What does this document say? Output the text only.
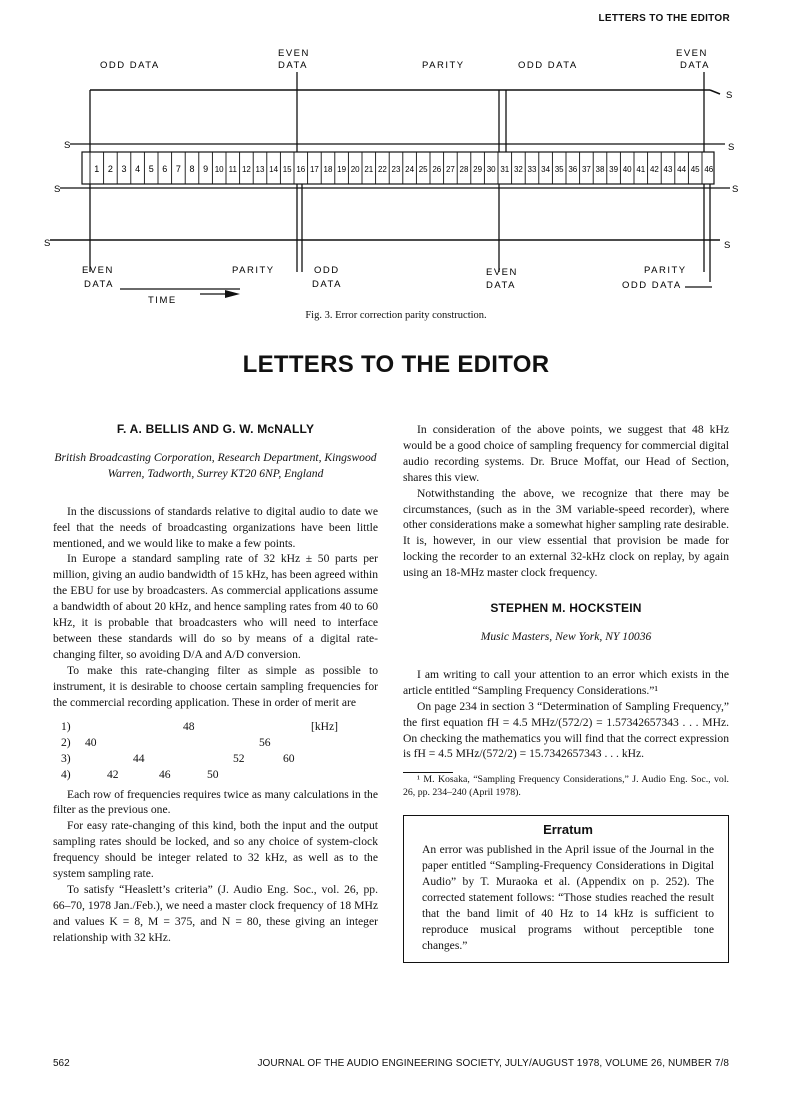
LETTERS TO THE EDITOR
1 2 3 4 5 6 7 8 9 10 11 12 13 14 15 16 17 18 19 20 21 22 23 24 25 26 27 28 29 30 31 32 33 34 35 36 37 38 39 40 41 42 43 44 45 46
S
S	S
S	S
S	S
ODD DATA
EVEN
DATA	PARITY	ODD DATA
EVEN
DATA
EVEN
DATA
PARITY	ODD
DATA
EVEN
DATA
PARITY
ODD DATA
TIME
Fig. 3. Error correction parity construction.
LETTERS TO THE EDITOR
F. A. BELLIS AND G. W. McNALLY
British Broadcasting Corporation, Research Department, Kingswood Warren, Tadworth, Surrey KT20 6NP, England

In the discussions of standards relative to digital audio to date we feel that the needs of broadcasting organizations have been little mentioned, and we would like to make a few points.

In Europe a standard sampling rate of 32 kHz ± 50 parts per million, giving an audio bandwidth of 15 kHz, has been agreed within the EBU for use by broadcasters. As commercial applications assume a bandwidth of about 20 kHz, and hence sampling rates from 40 to 60 kHz, it is probable that broadcasters who will need to interface between these standards will do so by means of a digital rate-changing filter, so avoiding D/A and A/D conversion.

To make this rate-changing filter as simple as possible to instrument, it is desirable to choose certain sampling frequencies for the commercial recording application. These in order of merit are

1)	48	[kHz]
2) 40	56
3)	44	52	60
4)	42	46	50

Each row of frequencies requires twice as many calculations in the filter as the previous one.

For easy rate-changing of this kind, both the input and the output sampling rates should be locked, and so any choice of system-clock frequency should be integer related to 32 kHz, as well as to the system sampling rate.

To satisfy “Heaslett’s criteria” (J. Audio Eng. Soc., vol. 26, pp. 66–70, 1978 Jan./Feb.), we need a master clock frequency of 18 MHz and values K = 8, M = 375, and N = 80, these giving an integer relationship with 32 kHz.

In consideration of the above points, we suggest that 48 kHz would be a good choice of sampling frequency for commercial digital audio recording systems. Dr. Bruce Moffat, our Head of Section, shares this view.

Notwithstanding the above, we recognize that there may be circumstances, (such as in the 3M variable-speed recorder), where other considerations make a somewhat higher sampling rate desirable. It is, however, in our view essential that provision be made for locking the recorder to an external 32-kHz clock on replay, by again using an 18-MHz master clock frequency.

STEPHEN M. HOCKSTEIN
Music Masters, New York, NY 10036

I am writing to call your attention to an error which exists in the article entitled “Sampling Frequency Considerations.”¹

On page 234 in section 3 “Determination of Sampling Frequency,” the first equation fH = 4.5 MHz/(572/2) = 1.57342657343 . . . MHz. On checking the mathematics you will find that the correct expression is fH = 4.5 MHz/(572/2) = 15.7342657343 . . . kHz.

¹ M. Kosaka, “Sampling Frequency Considerations,” J. Audio Eng. Soc., vol. 26, pp. 234–240 (April 1978).

Erratum

An error was published in the April issue of the Journal in the paper entitled “Sampling-Frequency Considerations in Digital Audio” by T. Muraoka et al. (Appendix on p. 252). The corrected statement follows: “Those studies reached the result that the band limit of 40 Hz to 14 kHz is sufficient to reproduce musical programs without perceptible tone changes.”

562	JOURNAL OF THE AUDIO ENGINEERING SOCIETY, JULY/AUGUST 1978, VOLUME 26, NUMBER 7/8
